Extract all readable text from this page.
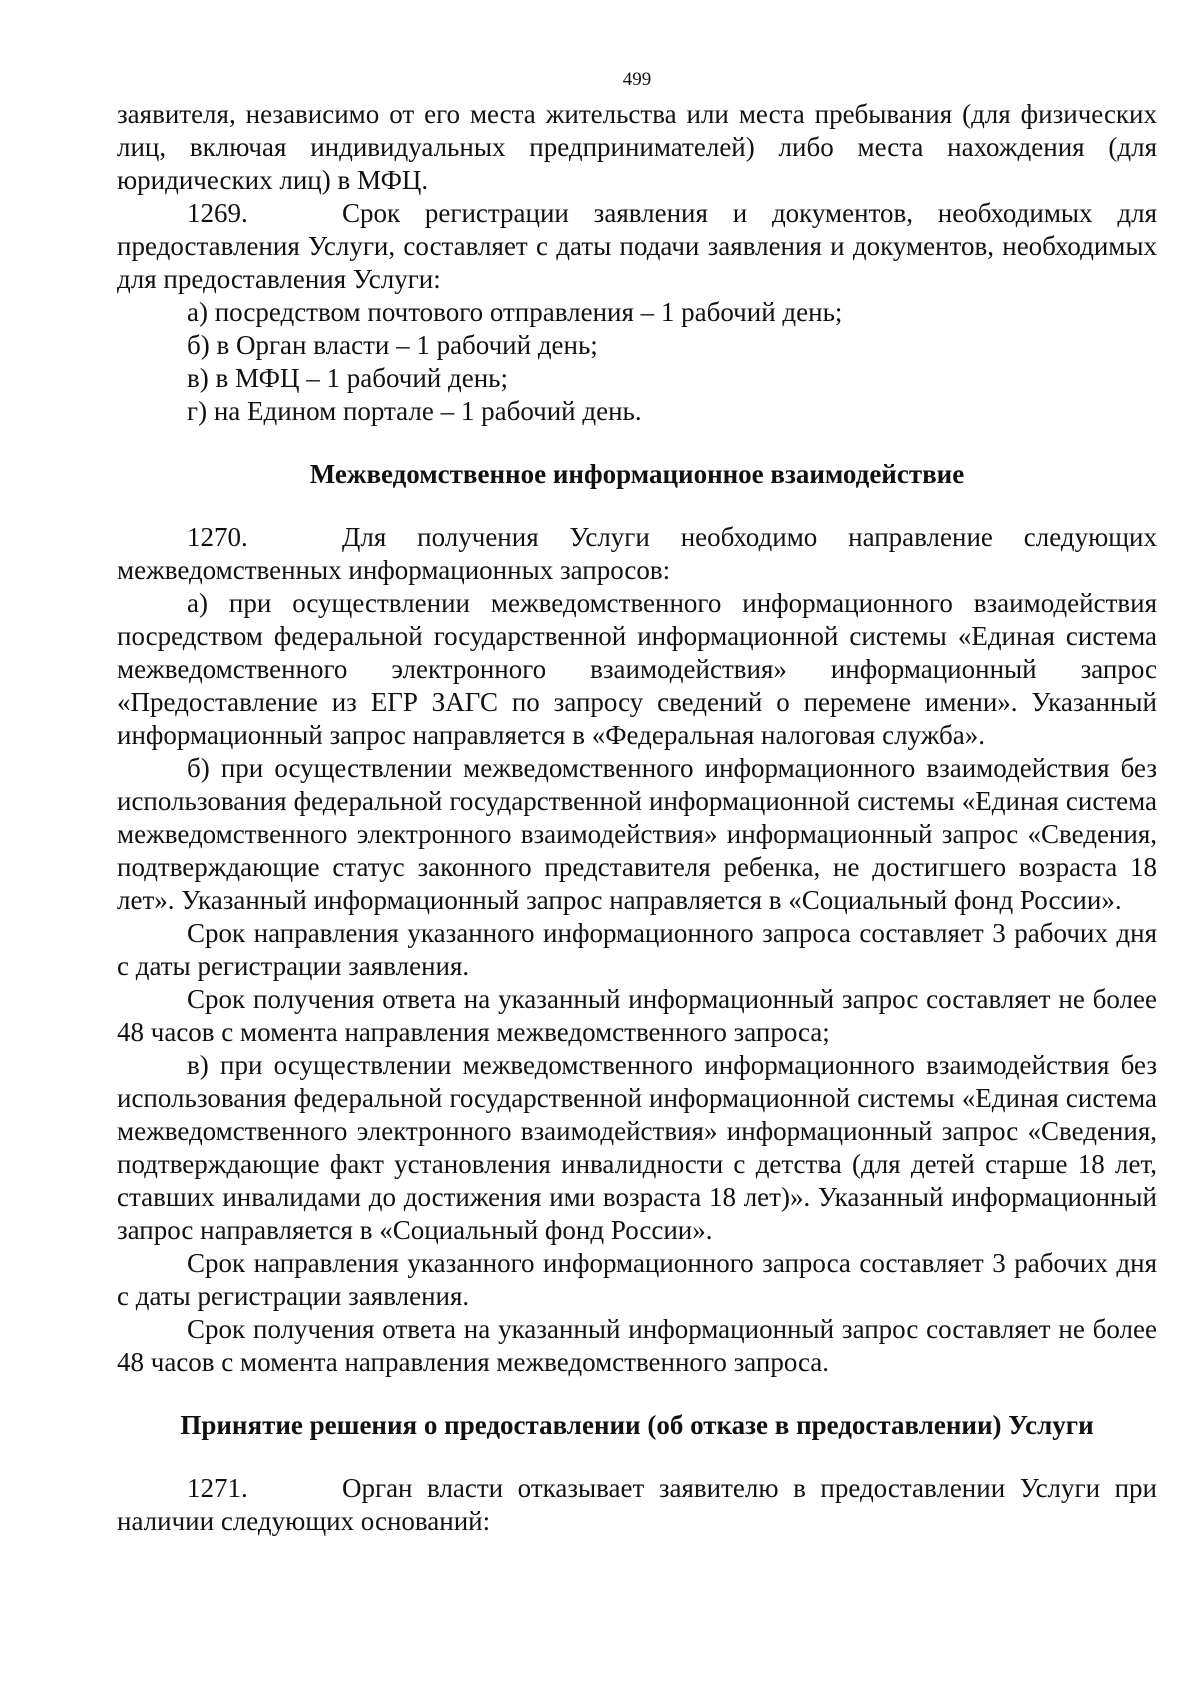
499

заявителя, независимо от его места жительства или места пребывания (для физических лиц, включая индивидуальных предпринимателей) либо места нахождения (для юридических лиц) в МФЦ.

1269.	Срок регистрации заявления и документов, необходимых для предоставления Услуги, составляет с даты подачи заявления и документов, необходимых для предоставления Услуги:

а) посредством почтового отправления – 1 рабочий день;

б) в Орган власти – 1 рабочий день;

в) в МФЦ – 1 рабочий день;

г) на Едином портале – 1 рабочий день.

Межведомственное информационное взаимодействие

1270.	Для получения Услуги необходимо направление следующих межведомственных информационных запросов:

а) при осуществлении межведомственного информационного взаимодействия посредством федеральной государственной информационной системы «Единая система межведомственного электронного взаимодействия» информационный запрос «Предоставление из ЕГР ЗАГС по запросу сведений о перемене имени». Указанный информационный запрос направляется в «Федеральная налоговая служба».

б) при осуществлении межведомственного информационного взаимодействия без использования федеральной государственной информационной системы «Единая система межведомственного электронного взаимодействия» информационный запрос «Сведения, подтверждающие статус законного представителя ребенка, не достигшего возраста 18 лет». Указанный информационный запрос направляется в «Социальный фонд России».

Срок направления указанного информационного запроса составляет 3 рабочих дня с даты регистрации заявления.

Срок получения ответа на указанный информационный запрос составляет не более 48 часов с момента направления межведомственного запроса;

в) при осуществлении межведомственного информационного взаимодействия без использования федеральной государственной информационной системы «Единая система межведомственного электронного взаимодействия» информационный запрос «Сведения, подтверждающие факт установления инвалидности с детства (для детей старше 18 лет, ставших инвалидами до достижения ими возраста 18 лет)». Указанный информационный запрос направляется в «Социальный фонд России».

Срок направления указанного информационного запроса составляет 3 рабочих дня с даты регистрации заявления.

Срок получения ответа на указанный информационный запрос составляет не более 48 часов с момента направления межведомственного запроса.

Принятие решения о предоставлении (об отказе в предоставлении) Услуги

1271.	Орган власти отказывает заявителю в предоставлении Услуги при наличии следующих оснований:
